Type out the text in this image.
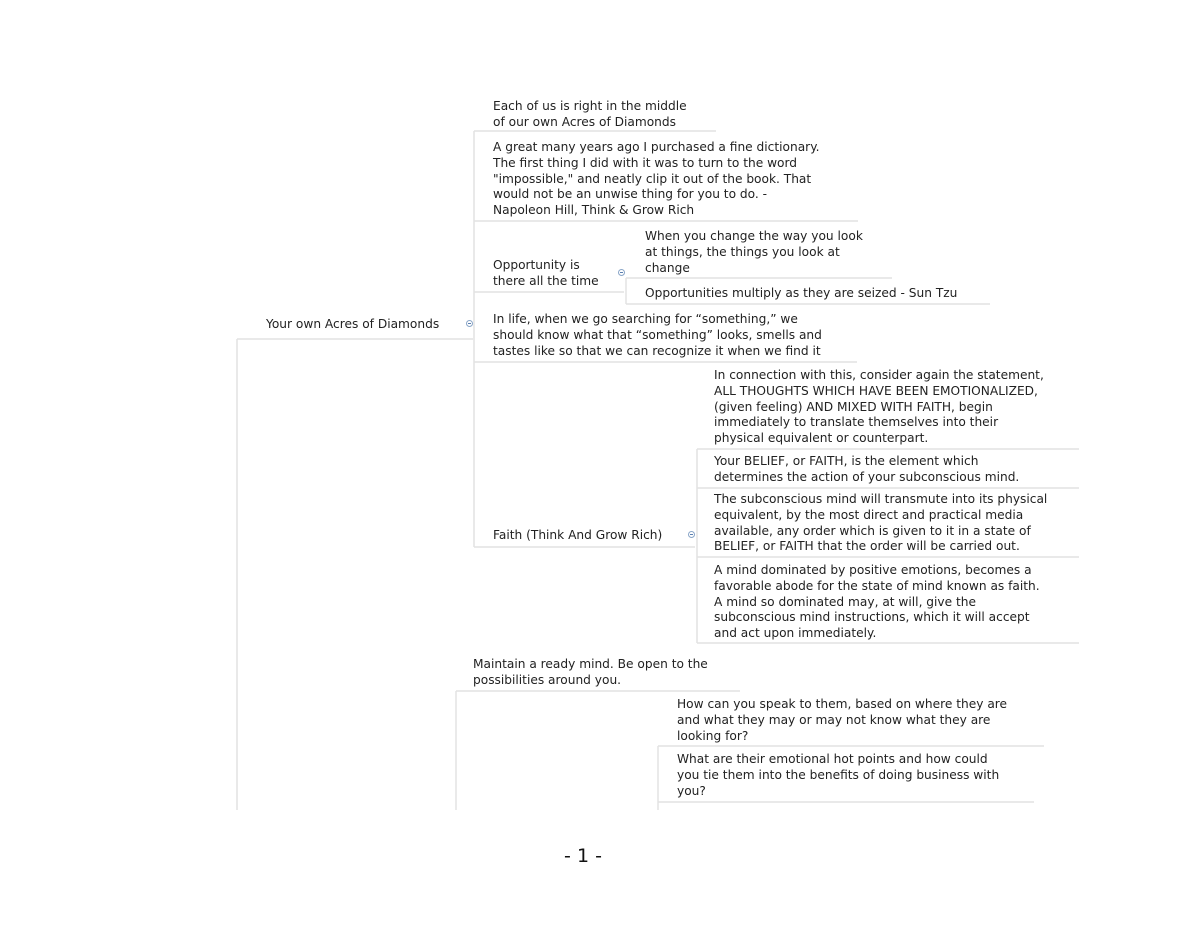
Your own Acres of Diamonds
Each of us is right in the middle
of our own Acres of Diamonds
A great many years ago I purchased a fine dictionary.
The first thing I did with it was to turn to the word
"impossible," and neatly clip it out of the book. That
would not be an unwise thing for you to do. -
Napoleon Hill, Think & Grow Rich
Opportunity is
there all the time
When you change the way you look
at things, the things you look at
change
Opportunities multiply as they are seized - Sun Tzu
In life, when we go searching for “something,” we
should know what that “something” looks, smells and
tastes like so that we can recognize it when we find it
Faith (Think And Grow Rich)
In connection with this, consider again the statement,
ALL THOUGHTS WHICH HAVE BEEN EMOTIONALIZED,
(given feeling) AND MIXED WITH FAITH, begin
immediately to translate themselves into their
physical equivalent or counterpart.
Your BELIEF, or FAITH, is the element which
determines the action of your subconscious mind.
The subconscious mind will transmute into its physical
equivalent, by the most direct and practical media
available, any order which is given to it in a state of
BELIEF, or FAITH that the order will be carried out.
A mind dominated by positive emotions, becomes a
favorable abode for the state of mind known as faith.
A mind so dominated may, at will, give the
subconscious mind instructions, which it will accept
and act upon immediately.
Maintain a ready mind. Be open to the
possibilities around you.
How can you speak to them, based on where they are
and what they may or may not know what they are
looking for?
What are their emotional hot points and how could
you tie them into the benefits of doing business with
you?
- 1 -
